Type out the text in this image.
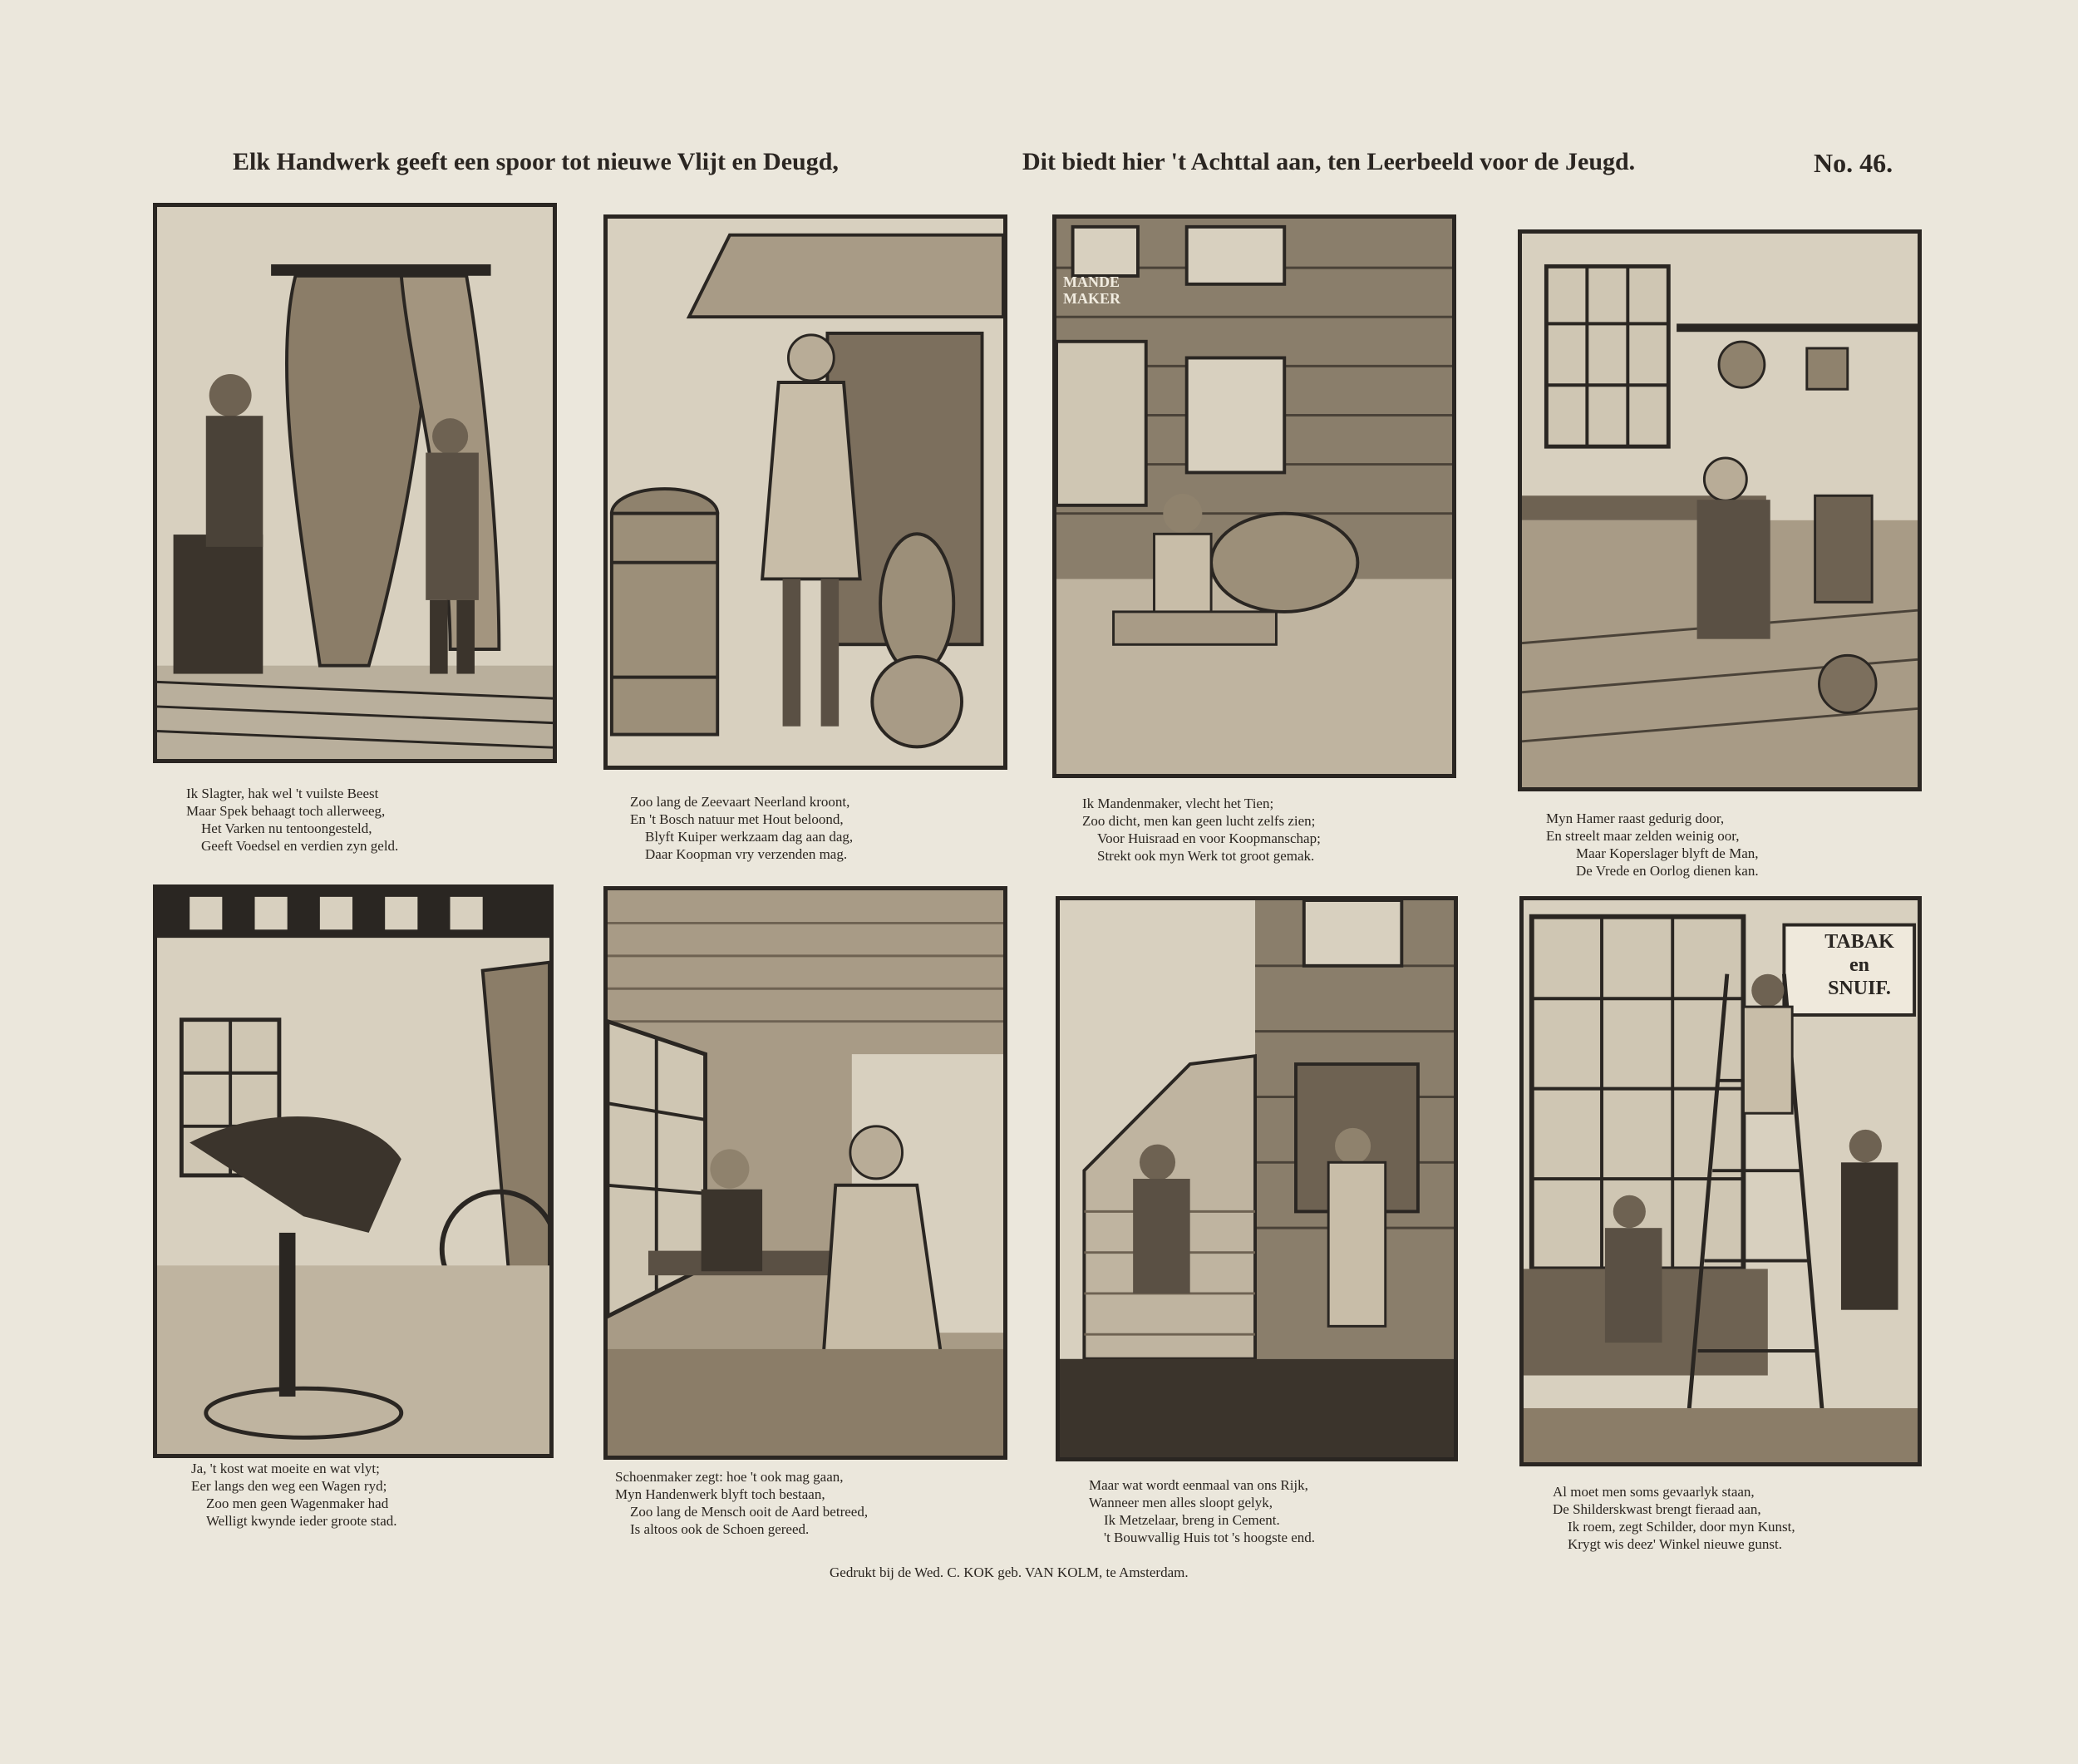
Elk Handwerk geeft een spoor tot nieuwe Vlijt en Deugd,	Dit biedt hier 't Achttal aan, ten Leerbeeld voor de Jeugd.	No. 46.
MANDE
MAKER
Ik Slagter, hak wel 't vuilste Beest
Maar Spek behaagt toch allerweeg,
Het Varken nu tentoongesteld,
Geeft Voedsel en verdien zyn geld.
Zoo lang de Zeevaart Neerland kroont,
En 't Bosch natuur met Hout beloond,
Blyft Kuiper werkzaam dag aan dag,
Daar Koopman vry verzenden mag.
Ik Mandenmaker, vlecht het Tien;
Zoo dicht, men kan geen lucht zelfs zien;
Voor Huisraad en voor Koopmanschap;
Strekt ook myn Werk tot groot gemak.
Myn Hamer raast gedurig door,
En streelt maar zelden weinig oor,
Maar Koperslager blyft de Man,
De Vrede en Oorlog dienen kan.
TABAK
en
SNUIF.
Ja, 't kost wat moeite en wat vlyt;
Eer langs den weg een Wagen ryd;
Zoo men geen Wagenmaker had
Welligt kwynde ieder groote stad.
Schoenmaker zegt: hoe 't ook mag gaan,
Myn Handenwerk blyft toch bestaan,
Zoo lang de Mensch ooit de Aard betreed,
Is altoos ook de Schoen gereed.
Maar wat wordt eenmaal van ons Rijk,
Wanneer men alles sloopt gelyk,
Ik Metzelaar, breng in Cement.
't Bouwvallig Huis tot 's hoogste end.
Al moet men soms gevaarlyk staan,
De Shilderskwast brengt fieraad aan,
Ik roem, zegt Schilder, door myn Kunst,
Krygt wis deez' Winkel nieuwe gunst.
Gedrukt bij de Wed. C. KOK geb. VAN KOLM, te Amsterdam.
